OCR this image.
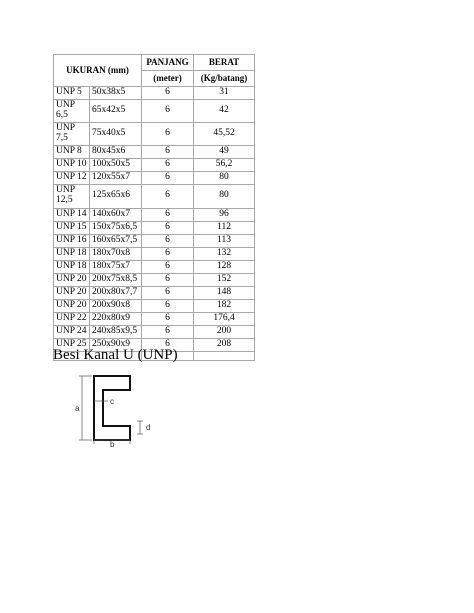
UKURAN (mm)		PANJANG	BERAT
		(meter)	(Kg/batang)
UNP 5	50x38x5	6	31
UNP 6,5	65x42x5	6	42
UNP 7,5	75x40x5	6	45,52
UNP 8	80x45x6	6	49
UNP 10	100x50x5	6	56,2
UNP 12	120x55x7	6	80
UNP 12,5	125x65x6	6	80
UNP 14	140x60x7	6	96
UNP 15	150x75x6,5	6	112
UNP 16	160x65x7,5	6	113
UNP 18	180x70x8	6	132
UNP 18	180x75x7	6	128
UNP 20	200x75x8,5	6	152
UNP 20	200x80x7,7	6	148
UNP 20	200x90x8	6	182
UNP 22	220x80x9	6	176,4
UNP 24	240x85x9,5	6	200
UNP 25	250x90x9	6	208

Besi Kanal U (UNP)
a
b
c
d
